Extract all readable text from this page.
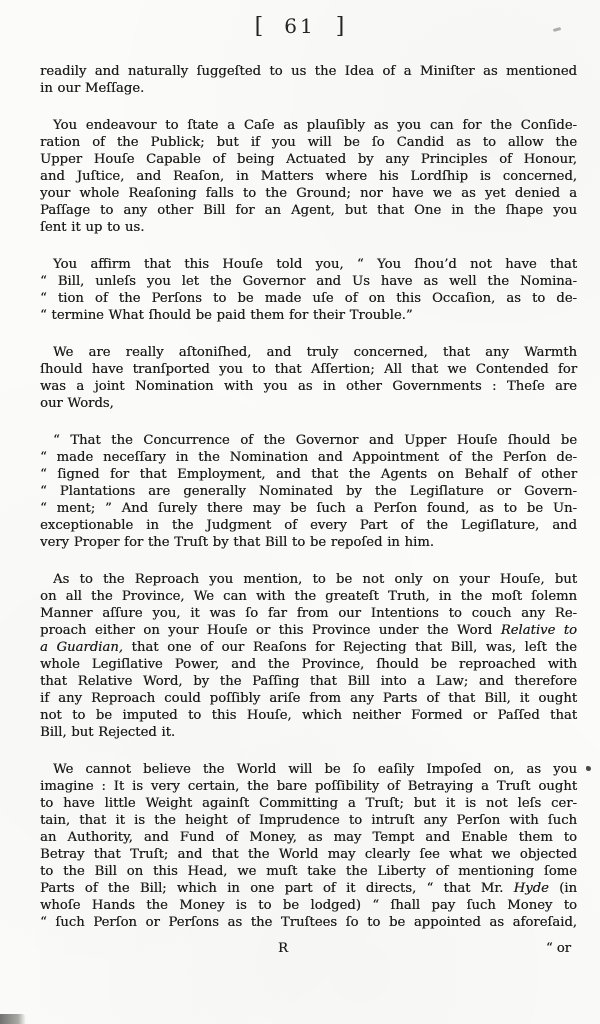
[ 61 ]
readily and naturally ſuggeſted to us the Idea of a Miniſter as mentioned
in our Meſſage.
You endeavour to ſtate a Caſe as plauſibly as you can for the Conſide-
ration of the Publick; but if you will be ſo Candid as to allow the
Upper Houſe Capable of being Actuated by any Principles of Honour,
and Juſtice, and Reaſon, in Matters where his Lordſhip is concerned,
your whole Reaſoning falls to the Ground; nor have we as yet denied a
Paſſage to any other Bill for an Agent, but that One in the ſhape you
ſent it up to us.
You affirm that this Houſe told you, “ You ſhou’d not have that
“ Bill, unleſs you let the Governor and Us have as well the Nomina-
“ tion of the Perſons to be made uſe of on this Occaſion, as to de-
“ termine What ſhould be paid them for their Trouble.”
We are really aſtoniſhed, and truly concerned, that any Warmth
ſhould have tranſported you to that Aſſertion; All that we Contended for
was a joint Nomination with you as in other Governments : Theſe are
our Words,
“ That the Concurrence of the Governor and Upper Houſe ſhould be
“ made neceſſary in the Nomination and Appointment of the Perſon de-
“ ſigned for that Employment, and that the Agents on Behalf of other
“ Plantations are generally Nominated by the Legiſlature or Govern-
“ ment; ” And ſurely there may be ſuch a Perſon found, as to be Un-
exceptionable in the Judgment of every Part of the Legiſlature, and
very Proper for the Truſt by that Bill to be repoſed in him.
As to the Reproach you mention, to be not only on your Houſe, but
on all the Province, We can with the greateſt Truth, in the moſt ſolemn
Manner aſſure you, it was ſo far from our Intentions to couch any Re-
proach either on your Houſe or this Province under the Word Relative to
a Guardian, that one of our Reaſons for Rejecting that Bill, was, leſt the
whole Legiſlative Power, and the Province, ſhould be reproached with
that Relative Word, by the Paſſing that Bill into a Law; and therefore
if any Reproach could poſſibly ariſe from any Parts of that Bill, it ought
not to be imputed to this Houſe, which neither Formed or Paſſed that
Bill, but Rejected it.
We cannot believe the World will be ſo eaſily Impoſed on, as you
imagine : It is very certain, the bare poſſibility of Betraying a Truſt ought
to have little Weight againſt Committing a Truſt; but it is not leſs cer-
tain, that it is the height of Imprudence to intruſt any Perſon with ſuch
an Authority, and Fund of Money, as may Tempt and Enable them to
Betray that Truſt; and that the World may clearly ſee what we objected
to the Bill on this Head, we muſt take the Liberty of mentioning ſome
Parts of the Bill; which in one part of it directs, “ that Mr. Hyde (in
whoſe Hands the Money is to be lodged) “ ſhall pay ſuch Money to
“ ſuch Perſon or Perſons as the Truſtees ſo to be appointed as aforeſaid,
R	“ or
